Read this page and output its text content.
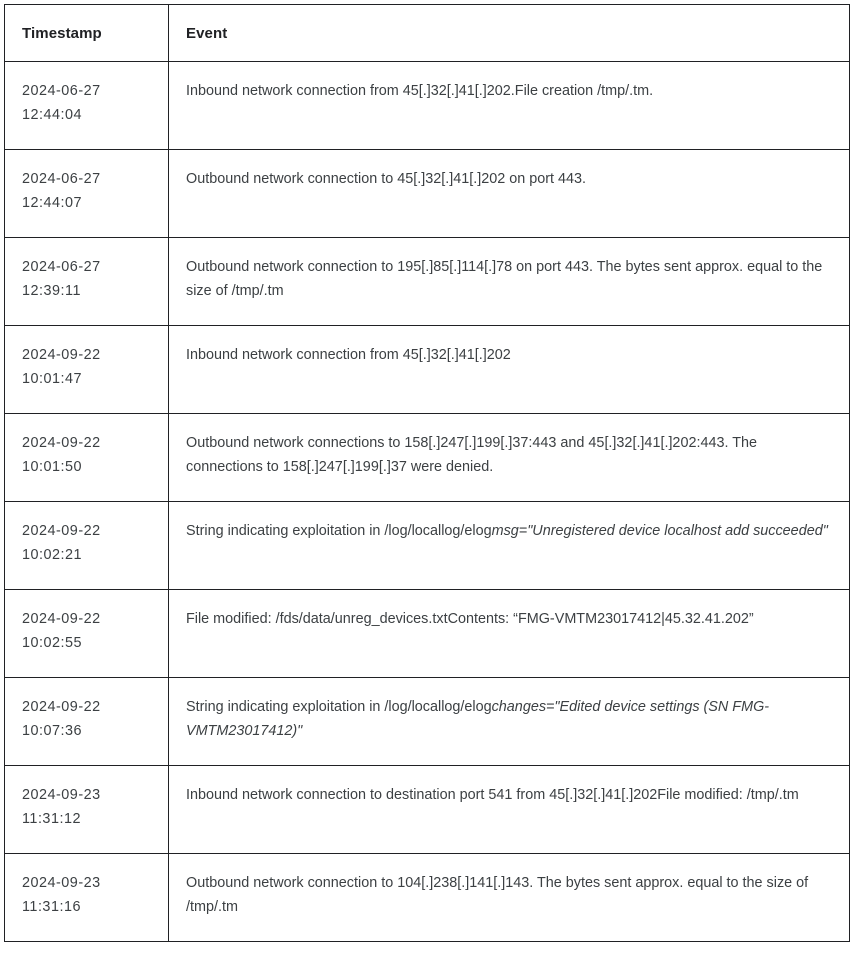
Timestamp	Event

2024-06-27
12:44:04	Inbound network connection from 45[.]32[.]41[.]202.File creation /tmp/.tm.

2024-06-27
12:44:07	Outbound network connection to 45[.]32[.]41[.]202 on port 443.

2024-06-27
12:39:11	Outbound network connection to 195[.]85[.]114[.]78 on port 443. The bytes sent approx. equal to the size of /tmp/.tm

2024-09-22
10:01:47	Inbound network connection from 45[.]32[.]41[.]202

2024-09-22
10:01:50	Outbound network connections to 158[.]247[.]199[.]37:443 and 45[.]32[.]41[.]202:443. The connections to 158[.]247[.]199[.]37 were denied.

2024-09-22
10:02:21	String indicating exploitation in /log/locallog/elogmsg="Unregistered device localhost add succeeded"

2024-09-22
10:02:55	File modified: /fds/data/unreg_devices.txtContents: “FMG-VMTM23017412|45.32.41.202”

2024-09-22
10:07:36	String indicating exploitation in /log/locallog/elogchanges="Edited device settings (SN FMG-VMTM23017412)"

2024-09-23
11:31:12	Inbound network connection to destination port 541 from 45[.]32[.]41[.]202File modified: /tmp/.tm

2024-09-23
11:31:16	Outbound network connection to 104[.]238[.]141[.]143. The bytes sent approx. equal to the size of /tmp/.tm
